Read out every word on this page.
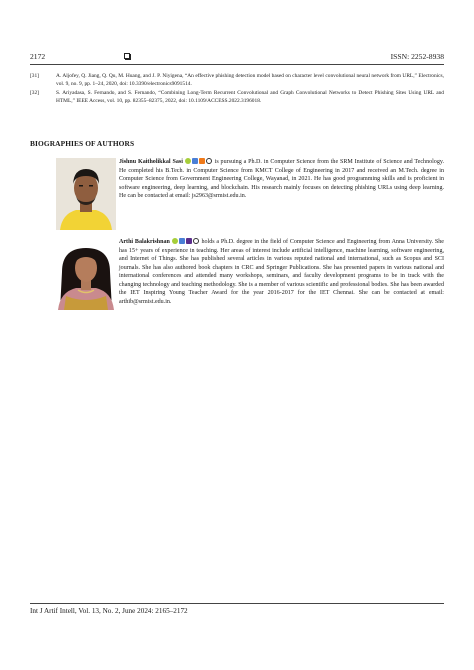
2172	ISSN: 2252-8938
[31]	A. Aljofey, Q. Jiang, Q. Qu, M. Huang, and J. P. Niyigena, “An effective phishing detection model based on character level convolutional neural network from URL,” Electronics, vol. 9, no. 9, pp. 1–24, 2020, doi: 10.3390/electronics9091514.
[32]	S. Ariyadasa, S. Fernando, and S. Fernando, “Combining Long-Term Recurrent Convolutional and Graph Convolutional Networks to Detect Phishing Sites Using URL and HTML,” IEEE Access, vol. 10, pp. 82355–82375, 2022, doi: 10.1109/ACCESS.2022.3196018.
BIOGRAPHIES OF AUTHORS
Jishnu Kaitholikkal Sasi	is pursuing a Ph.D. in Computer Science from the SRM Institute of Science and Technology. He completed his B.Tech. in Computer Science from KMCT College of Engineering in 2017 and received an M.Tech. degree in Computer Science from Government Engineering College, Wayanad, in 2021. He has good programming skills and is proficient in software engineering, deep learning, and blockchain. His research mainly focuses on detecting phishing URLs using deep learning. He can be contacted at email: js2963@srmist.edu.in.
Arthi Balakrishnan	holds a Ph.D. degree in the field of Computer Science and Engineering from Anna University. She has 15+ years of experience in teaching. Her areas of interest include artificial intelligence, machine learning, software engineering, and Internet of Things. She has published several articles in various reputed national and international, such as Scopus and SCI journals. She has also authored book chapters in CRC and Springer Publications. She has presented papers in various national and international conferences and attended many workshops, seminars, and faculty development programs to be in track with the changing technology and teaching methodology. She is a member of various scientific and professional bodies. She has been awarded the IET Inspiring Young Teacher Award for the year 2016-2017 for the IET Chennai. She can be contacted at email: arthib@srmist.edu.in.
Int J Artif Intell, Vol. 13, No. 2, June 2024: 2165–2172
